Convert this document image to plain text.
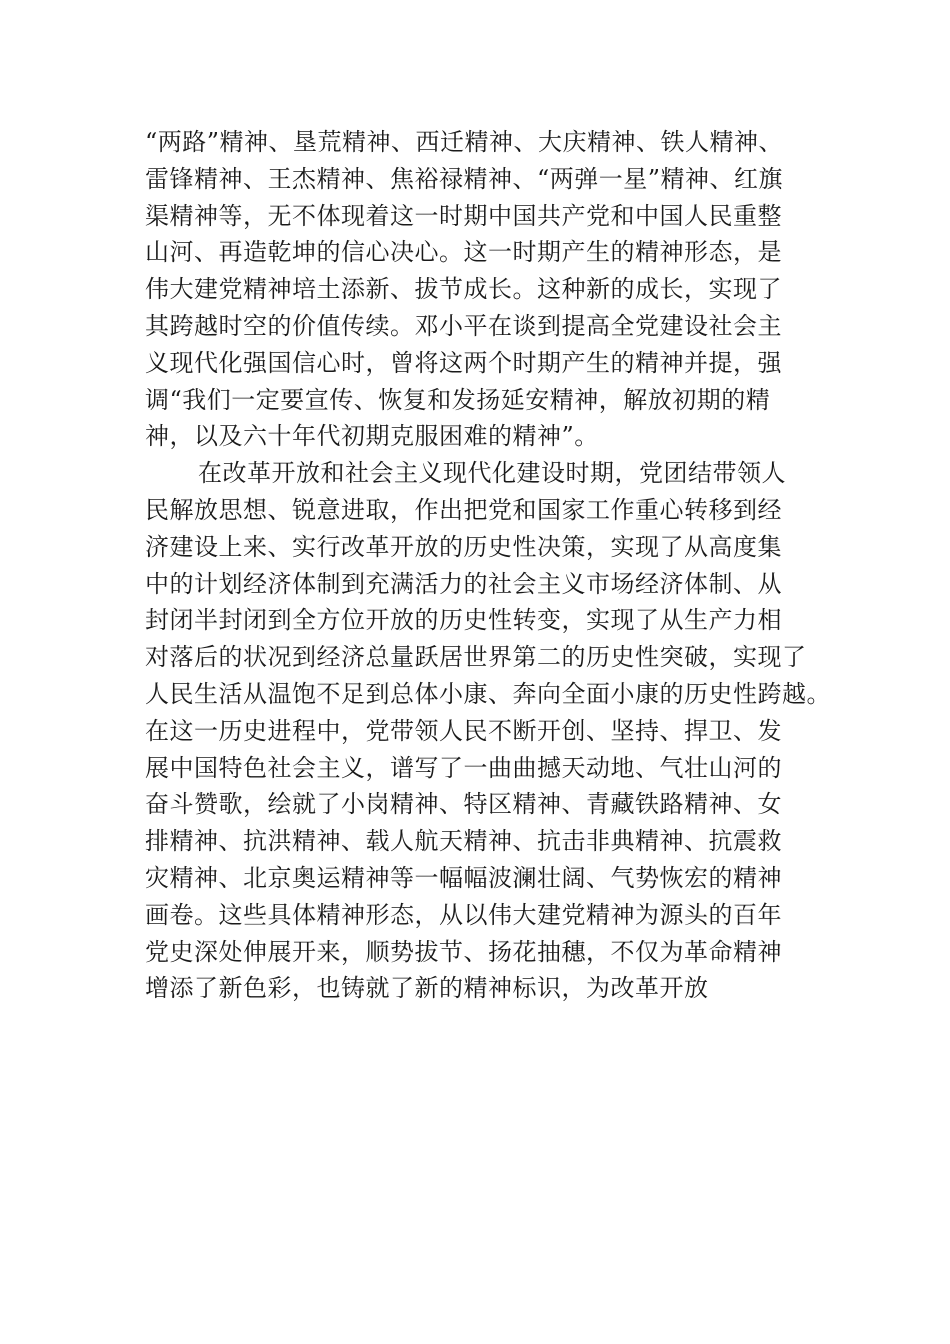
“两路”精神、垦荒精神、西迁精神、大庆精神、铁人精神、
雷锋精神、王杰精神、焦裕禄精神、“两弹一星”精神、红旗
渠精神等，无不体现着这一时期中国共产党和中国人民重整
山河、再造乾坤的信心决心。这一时期产生的精神形态，是
伟大建党精神培土添新、拔节成长。这种新的成长，实现了
其跨越时空的价值传续。邓小平在谈到提高全党建设社会主
义现代化强国信心时，曾将这两个时期产生的精神并提，强
调“我们一定要宣传、恢复和发扬延安精神，解放初期的精
神，以及六十年代初期克服困难的精神”。
在改革开放和社会主义现代化建设时期，党团结带领人
民解放思想、锐意进取，作出把党和国家工作重心转移到经
济建设上来、实行改革开放的历史性决策，实现了从高度集
中的计划经济体制到充满活力的社会主义市场经济体制、从
封闭半封闭到全方位开放的历史性转变，实现了从生产力相
对落后的状况到经济总量跃居世界第二的历史性突破，实现了
人民生活从温饱不足到总体小康、奔向全面小康的历史性跨越。
在这一历史进程中，党带领人民不断开创、坚持、捍卫、发
展中国特色社会主义，谱写了一曲曲撼天动地、气壮山河的
奋斗赞歌，绘就了小岗精神、特区精神、青藏铁路精神、女
排精神、抗洪精神、载人航天精神、抗击非典精神、抗震救
灾精神、北京奥运精神等一幅幅波澜壮阔、气势恢宏的精神
画卷。这些具体精神形态，从以伟大建党精神为源头的百年
党史深处伸展开来，顺势拔节、扬花抽穗，不仅为革命精神
增添了新色彩，也铸就了新的精神标识，为改革开放
